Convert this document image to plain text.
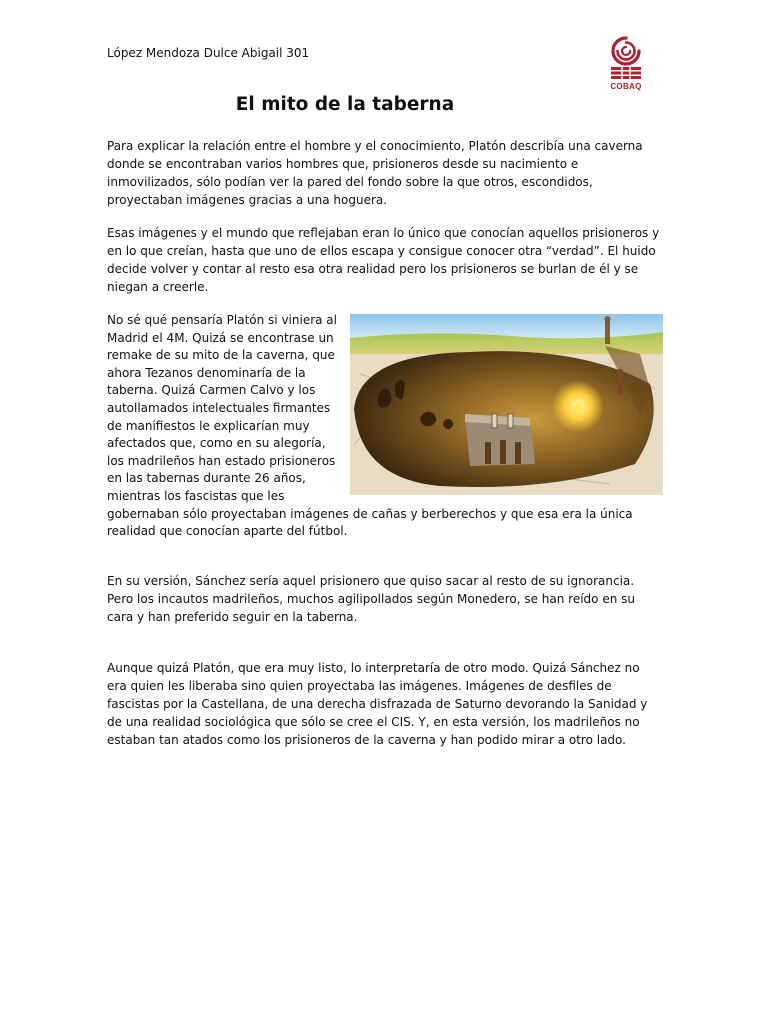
López Mendoza Dulce Abigail 301
COBAQ
El mito de la taberna

Para explicar la relación entre el hombre y el conocimiento, Platón describía una caverna donde se encontraban varios hombres que, prisioneros desde su nacimiento e inmovilizados, sólo podían ver la pared del fondo sobre la que otros, escondidos, proyectaban imágenes gracias a una hoguera.

Esas imágenes y el mundo que reflejaban eran lo único que conocían aquellos prisioneros y en lo que creían, hasta que uno de ellos escapa y consigue conocer otra “verdad”. El huido decide volver y contar al resto esa otra realidad pero los prisioneros se burlan de él y se niegan a creerle.

No sé qué pensaría Platón si viniera al Madrid el 4M. Quizá se encontrase un remake de su mito de la caverna, que ahora Tezanos denominaría de la taberna. Quizá Carmen Calvo y los autollamados intelectuales firmantes de manifiestos le explicarían muy afectados que, como en su alegoría, los madrileños han estado prisioneros en las tabernas durante 26 años, mientras los fascistas que les gobernaban sólo proyectaban imágenes de cañas y berberechos y que esa era la única realidad que conocían aparte del fútbol.

En su versión, Sánchez sería aquel prisionero que quiso sacar al resto de su ignorancia. Pero los incautos madrileños, muchos agilipollados según Monedero, se han reído en su cara y han preferido seguir en la taberna.

Aunque quizá Platón, que era muy listo, lo interpretaría de otro modo. Quizá Sánchez no era quien les liberaba sino quien proyectaba las imágenes. Imágenes de desfiles de fascistas por la Castellana, de una derecha disfrazada de Saturno devorando la Sanidad y de una realidad sociológica que sólo se cree el CIS. Y, en esta versión, los madrileños no estaban tan atados como los prisioneros de la caverna y han podido mirar a otro lado.
